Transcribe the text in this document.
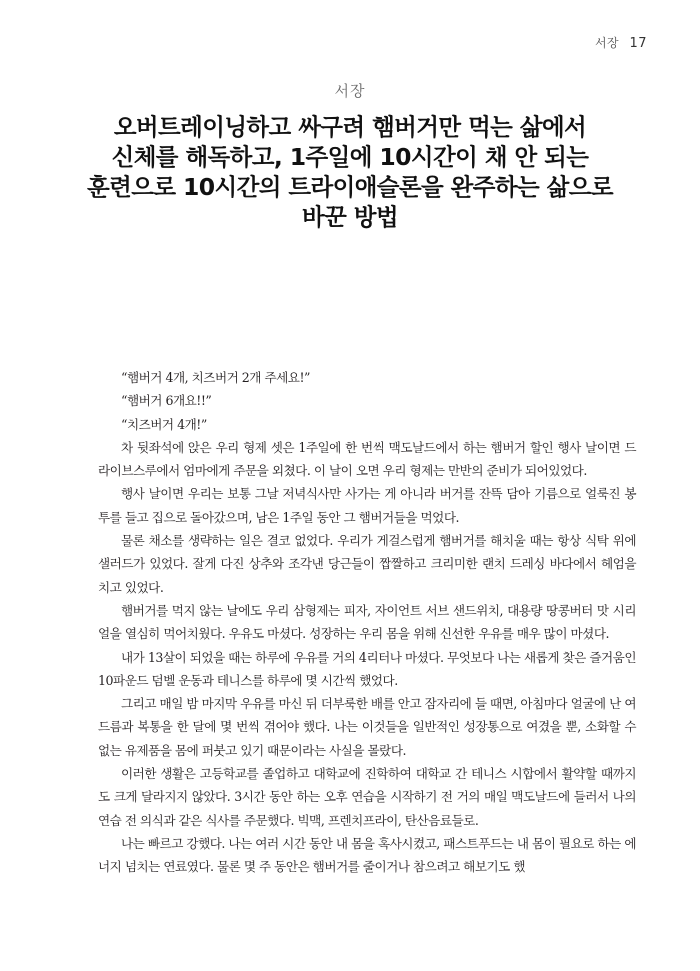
서장 17
서장
오버트레이닝하고 싸구려 햄버거만 먹는 삶에서
신체를 해독하고, 1주일에 10시간이 채 안 되는
훈련으로 10시간의 트라이애슬론을 완주하는 삶으로
바꾼 방법

“햄버거 4개, 치즈버거 2개 주세요!”

“햄버거 6개요!!”

“치즈버거 4개!”

차 뒷좌석에 앉은 우리 형제 셋은 1주일에 한 번씩 맥도날드에서 하는 햄버거 할인 행사 날이면 드라이브스루에서 엄마에게 주문을 외쳤다. 이 날이 오면 우리 형제는 만반의 준비가 되어있었다.

행사 날이면 우리는 보통 그날 저녁식사만 사가는 게 아니라 버거를 잔뜩 담아 기름으로 얼룩진 봉투를 들고 집으로 돌아갔으며, 남은 1주일 동안 그 햄버거들을 먹었다.

물론 채소를 생략하는 일은 결코 없었다. 우리가 게걸스럽게 햄버거를 해치울 때는 항상 식탁 위에 샐러드가 있었다. 잘게 다진 상추와 조각낸 당근들이 짭짤하고 크리미한 랜치 드레싱 바다에서 헤엄을 치고 있었다.

햄버거를 먹지 않는 날에도 우리 삼형제는 피자, 자이언트 서브 샌드위치, 대용량 땅콩버터 맛 시리얼을 열심히 먹어치웠다. 우유도 마셨다. 성장하는 우리 몸을 위해 신선한 우유를 매우 많이 마셨다.

내가 13살이 되었을 때는 하루에 우유를 거의 4리터나 마셨다. 무엇보다 나는 새롭게 찾은 즐거움인 10파운드 덤벨 운동과 테니스를 하루에 몇 시간씩 했었다.

그리고 매일 밤 마지막 우유를 마신 뒤 더부룩한 배를 안고 잠자리에 들 때면, 아침마다 얼굴에 난 여드름과 복통을 한 달에 몇 번씩 겪어야 했다. 나는 이것들을 일반적인 성장통으로 여겼을 뿐, 소화할 수 없는 유제품을 몸에 퍼붓고 있기 때문이라는 사실을 몰랐다.

이러한 생활은 고등학교를 졸업하고 대학교에 진학하여 대학교 간 테니스 시합에서 활약할 때까지도 크게 달라지지 않았다. 3시간 동안 하는 오후 연습을 시작하기 전 거의 매일 맥도날드에 들러서 나의 연습 전 의식과 같은 식사를 주문했다. 빅맥, 프렌치프라이, 탄산음료들로.

나는 빠르고 강했다. 나는 여러 시간 동안 내 몸을 혹사시켰고, 패스트푸드는 내 몸이 필요로 하는 에너지 넘치는 연료였다. 물론 몇 주 동안은 햄버거를 줄이거나 참으려고 해보기도 했
